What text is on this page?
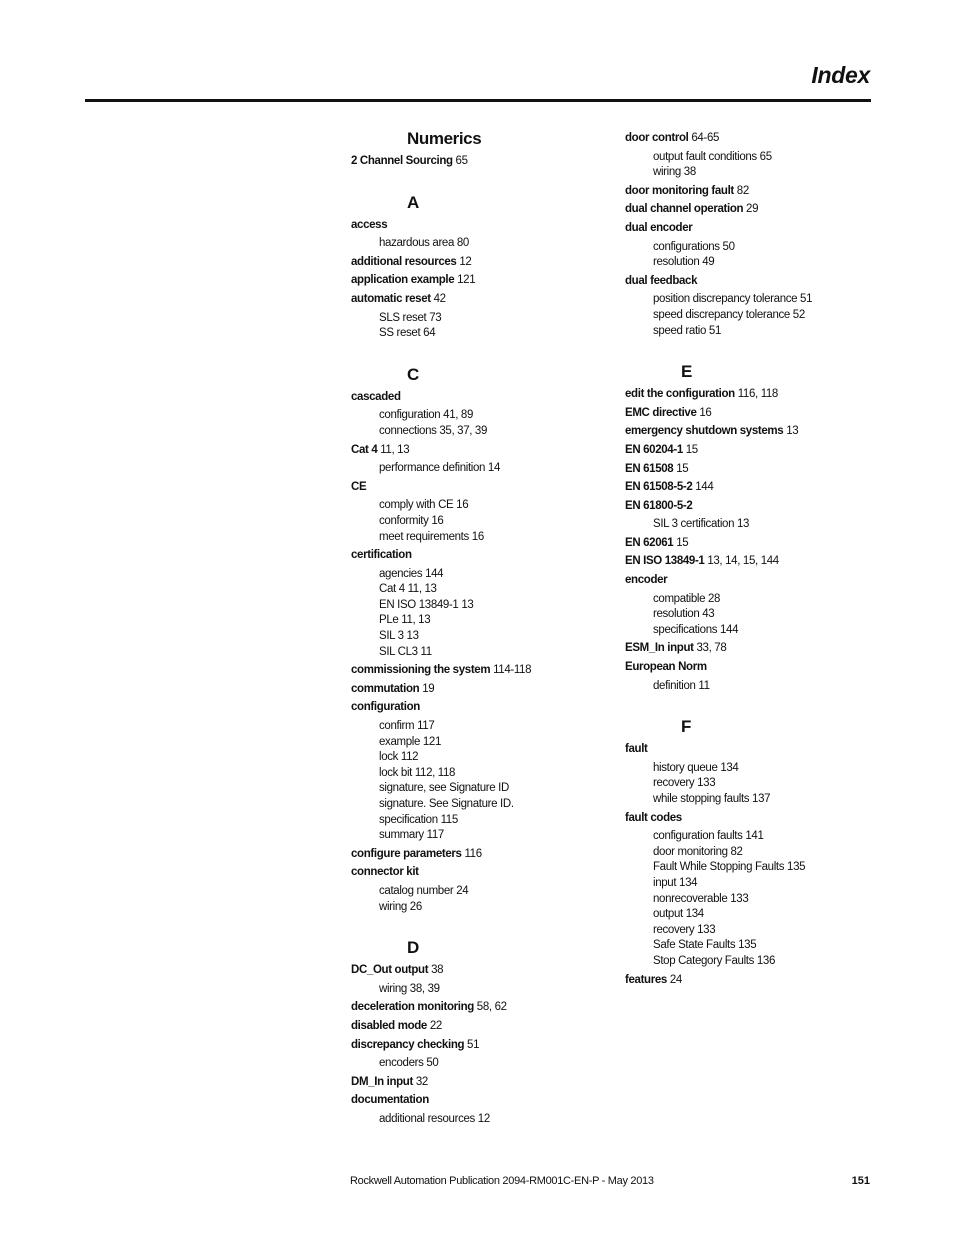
Index
Numerics
2 Channel Sourcing 65
A
access
hazardous area 80
additional resources 12
application example 121
automatic reset 42
SLS reset 73
SS reset 64
C
cascaded
configuration 41, 89
connections 35, 37, 39
Cat 4 11, 13
performance definition 14
CE
comply with CE 16
conformity 16
meet requirements 16
certification
agencies 144
Cat 4 11, 13
EN ISO 13849-1 13
PLe 11, 13
SIL 3 13
SIL CL3 11
commissioning the system 114-118
commutation 19
configuration
confirm 117
example 121
lock 112
lock bit 112, 118
signature, see Signature ID
signature. See Signature ID.
specification 115
summary 117
configure parameters 116
connector kit
catalog number 24
wiring 26
D
DC_Out output 38
wiring 38, 39
deceleration monitoring 58, 62
disabled mode 22
discrepancy checking 51
encoders 50
DM_In input 32
documentation
additional resources 12
door control 64-65
output fault conditions 65
wiring 38
door monitoring fault 82
dual channel operation 29
dual encoder
configurations 50
resolution 49
dual feedback
position discrepancy tolerance 51
speed discrepancy tolerance 52
speed ratio 51
E
edit the configuration 116, 118
EMC directive 16
emergency shutdown systems 13
EN 60204-1 15
EN 61508 15
EN 61508-5-2 144
EN 61800-5-2
SIL 3 certification 13
EN 62061 15
EN ISO 13849-1 13, 14, 15, 144
encoder
compatible 28
resolution 43
specifications 144
ESM_In input 33, 78
European Norm
definition 11
F
fault
history queue 134
recovery 133
while stopping faults 137
fault codes
configuration faults 141
door monitoring 82
Fault While Stopping Faults 135
input 134
nonrecoverable 133
output 134
recovery 133
Safe State Faults 135
Stop Category Faults 136
features 24
Rockwell Automation Publication 2094-RM001C-EN-P - May 2013	151
